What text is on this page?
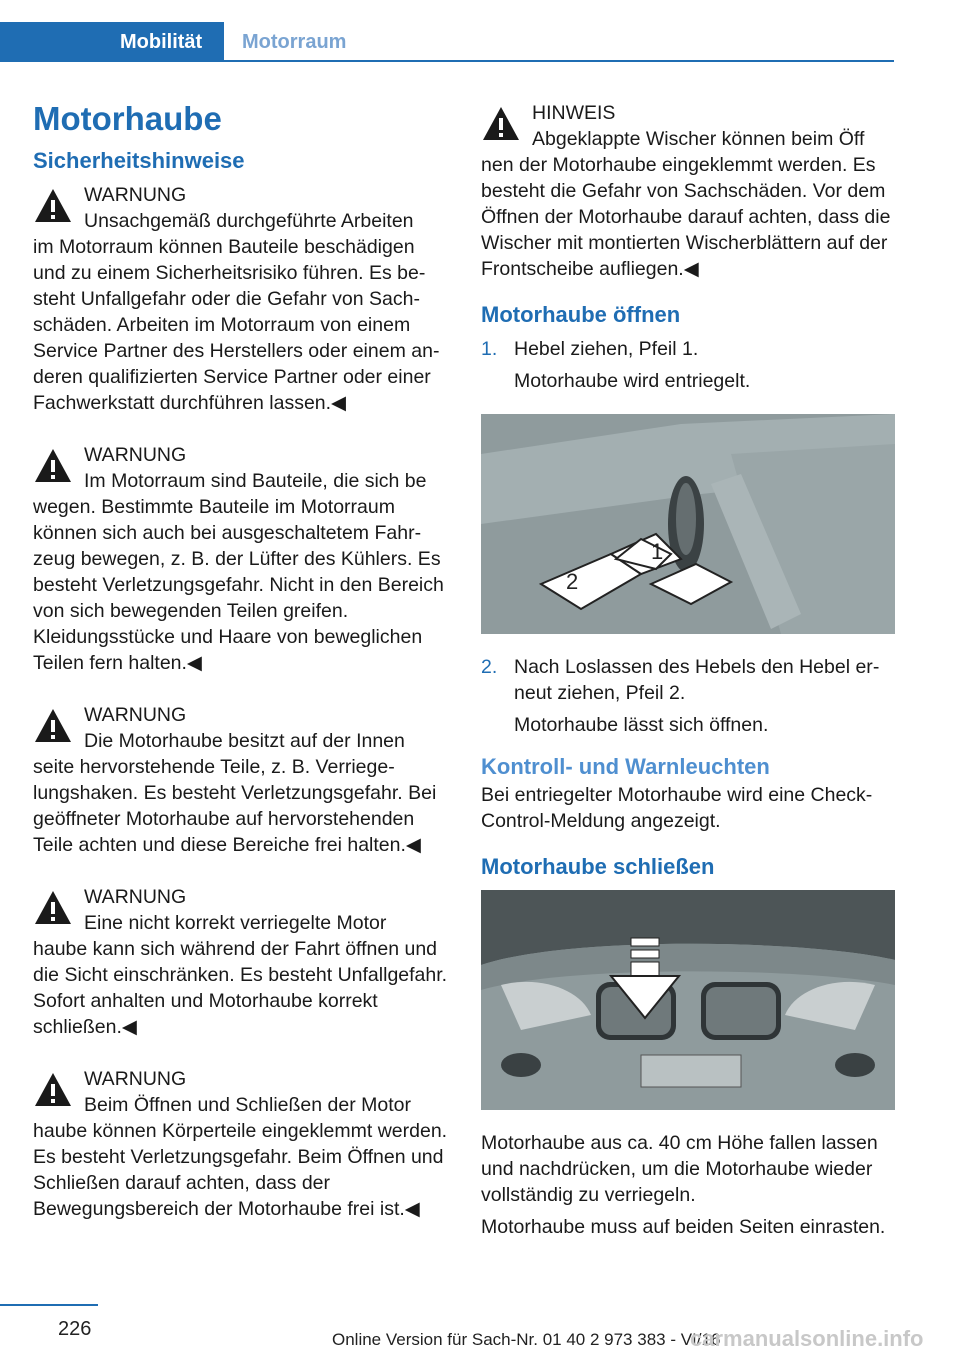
Mobilität	Motorraum
Motorhaube
Sicherheitshinweise
WARNUNG
Unsachgemäß durchgeführte Arbeiten

im Motorraum können Bauteile beschädigen und zu einem Sicherheitsrisiko führen. Es besteht Unfallgefahr oder die Gefahr von Sachschäden. Arbeiten im Motorraum von einem Service Partner des Herstellers oder einem anderen qualifizierten Service Partner oder einer Fachwerkstatt durchführen lassen.◀

WARNUNG
Im Motorraum sind Bauteile, die sich be

wegen. Bestimmte Bauteile im Motorraum können sich auch bei ausgeschaltetem Fahrzeug bewegen, z. B. der Lüfter des Kühlers. Es besteht Verletzungsgefahr. Nicht in den Bereich von sich bewegenden Teilen greifen. Kleidungsstücke und Haare von beweglichen Teilen fern halten.◀

WARNUNG
Die Motorhaube besitzt auf der Innen

seite hervorstehende Teile, z. B. Verriegelungshaken. Es besteht Verletzungsgefahr. Bei geöffneter Motorhaube auf hervorstehenden Teile achten und diese Bereiche frei halten.◀

WARNUNG
Eine nicht korrekt verriegelte Motor

haube kann sich während der Fahrt öffnen und die Sicht einschränken. Es besteht Unfallgefahr. Sofort anhalten und Motorhaube korrekt schließen.◀

WARNUNG
Beim Öffnen und Schließen der Motor

haube können Körperteile eingeklemmt werden. Es besteht Verletzungsgefahr. Beim Öffnen und Schließen darauf achten, dass der Bewegungsbereich der Motorhaube frei ist.◀

HINWEIS
Abgeklappte Wischer können beim Öff

nen der Motorhaube eingeklemmt werden. Es besteht die Gefahr von Sachschäden. Vor dem Öffnen der Motorhaube darauf achten, dass die Wischer mit montierten Wischerblättern auf der Frontscheibe aufliegen.◀

Motorhaube öffnen
1. Hebel ziehen, Pfeil 1.

Motorhaube wird entriegelt.

2
1
2. Nach Loslassen des Hebels den Hebel erneut ziehen, Pfeil 2.

Motorhaube lässt sich öffnen.

Kontroll- und Warnleuchten

Bei entriegelter Motorhaube wird eine Check-Control-Meldung angezeigt.

Motorhaube schließen

Motorhaube aus ca. 40 cm Höhe fallen lassen und nachdrücken, um die Motorhaube wieder vollständig zu verriegeln.

Motorhaube muss auf beiden Seiten einrasten.

226	Online Version für Sach-Nr. 01 40 2 973 383 - VI/16
carmanualsonline.info
